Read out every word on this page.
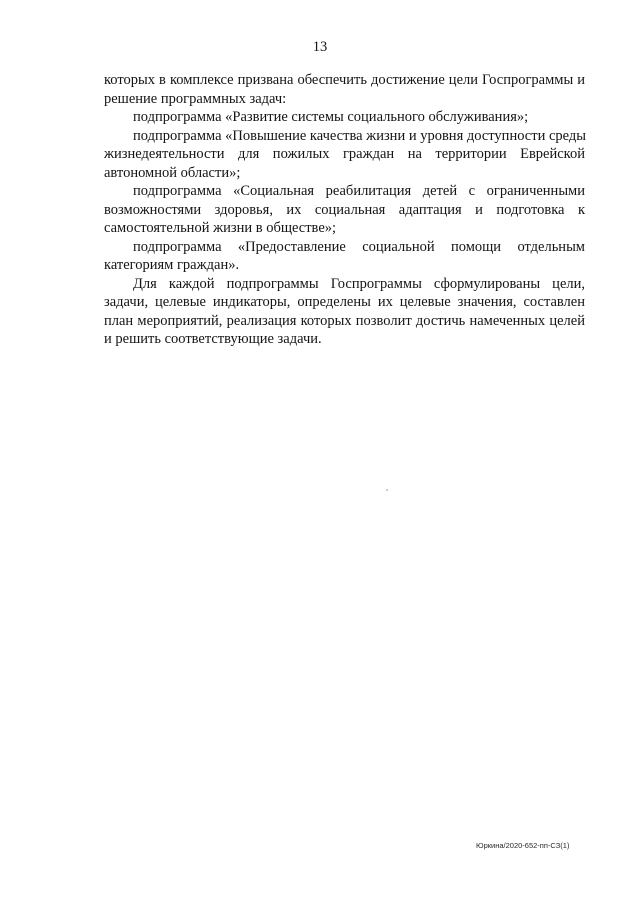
13
которых в комплексе призвана обеспечить достижение цели Госпрограммы и
решение программных задач:
подпрограмма «Развитие системы социального обслуживания»;
подпрограмма «Повышение качества жизни и уровня доступности среды
жизнедеятельности для пожилых граждан на территории Еврейской
автономной области»;
подпрограмма «Социальная реабилитация детей с ограниченными
возможностями здоровья, их социальная адаптация и подготовка к
самостоятельной жизни в обществе»;
подпрограмма «Предоставление социальной помощи отдельным
категориям граждан».
Для каждой подпрограммы Госпрограммы сформулированы цели,
задачи, целевые индикаторы, определены их целевые значения, составлен
план мероприятий, реализация которых позволит достичь намеченных целей
и решить соответствующие задачи.
Юркина/2020-652-пп-СЗ(1)
